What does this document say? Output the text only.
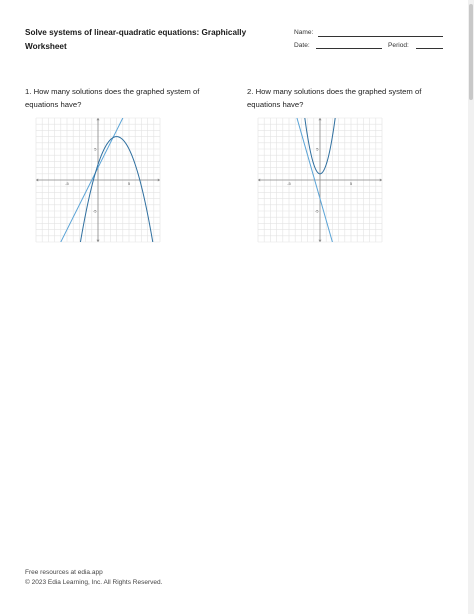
Solve systems of linear-quadratic equations: Graphically Worksheet
Name:
Date:	Period:
1. How many solutions does the graphed system of equations have?
2. How many solutions does the graphed system of equations have?
-5	5
5
-5
-5	5
5
-5
Free resources at edia.app
© 2023 Edia Learning, Inc. All Rights Reserved.
